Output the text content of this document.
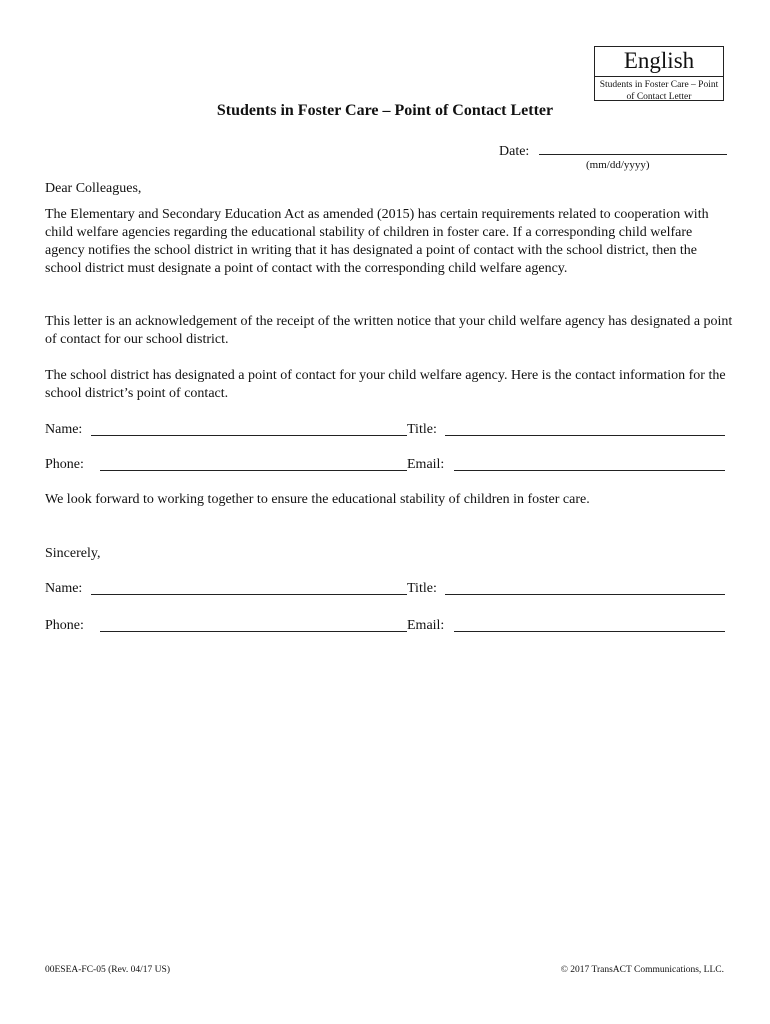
English
Students in Foster Care – Point of Contact Letter
Students in Foster Care – Point of Contact Letter
Date:
(mm/dd/yyyy)

Dear Colleagues,

The Elementary and Secondary Education Act as amended (2015) has certain requirements related to cooperation with child welfare agencies regarding the educational stability of children in foster care. If a corresponding child welfare agency notifies the school district in writing that it has designated a point of contact with the school district, then the school district must designate a point of contact with the corresponding child welfare agency.

This letter is an acknowledgement of the receipt of the written notice that your child welfare agency has designated a point of contact for our school district.

The school district has designated a point of contact for your child welfare agency. Here is the contact information for the school district’s point of contact.

Name:	Title:
Phone:	Email:

We look forward to working together to ensure the educational stability of children in foster care.

Sincerely,

Name:	Title:
Phone:	Email:
00ESEA-FC-05 (Rev. 04/17 US)	© 2017 TransACT Communications, LLC.
